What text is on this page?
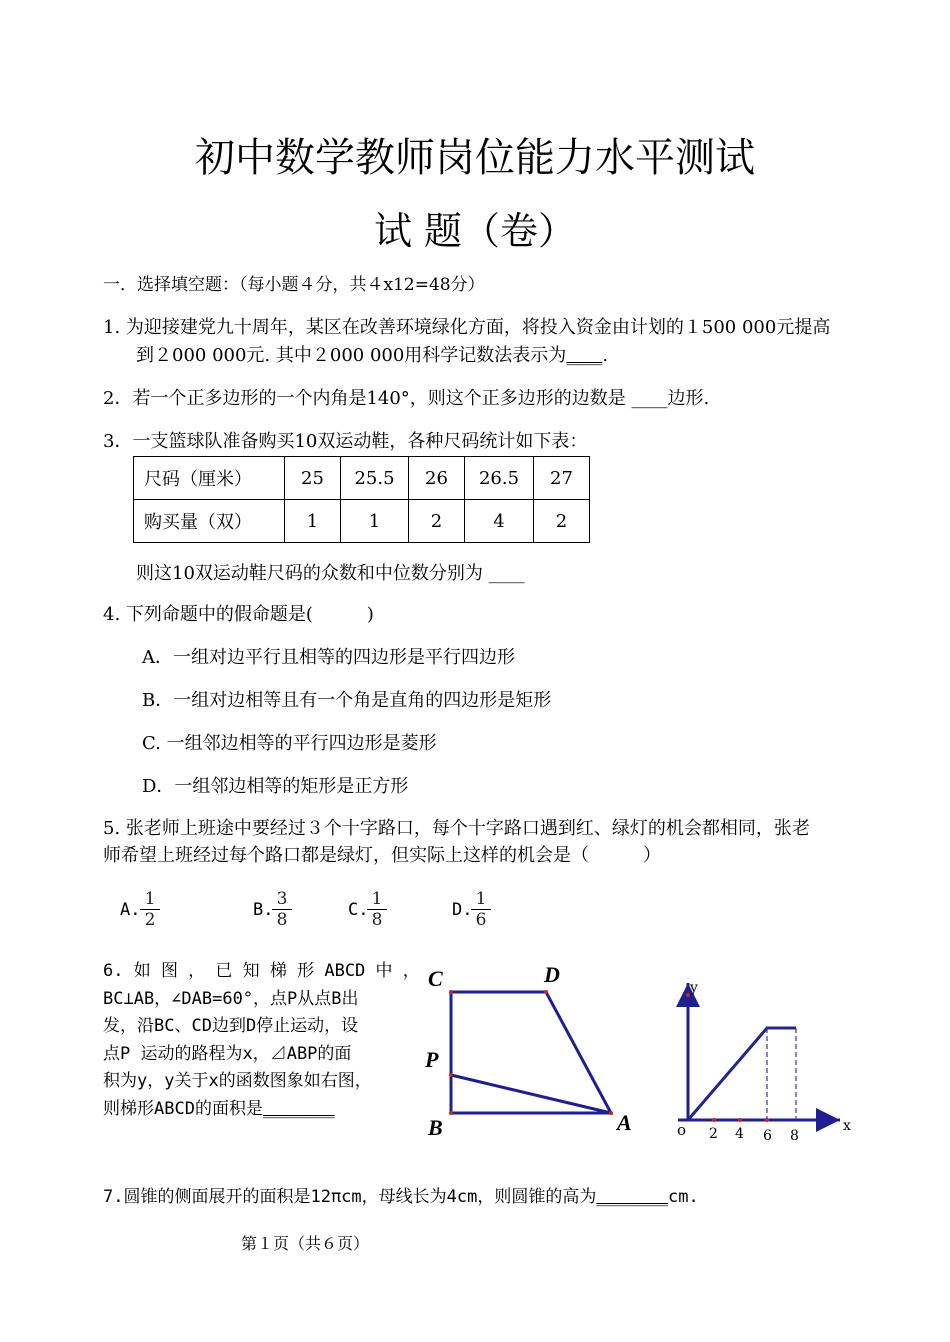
初中数学教师岗位能力水平测试
试 题（卷）
一．选择填空题：（每小题４分，共４x12=48分）
1. 为迎接建党九十周年，某区在改善环境绿化方面，将投入资金由计划的１500 000元提高
到２000 000元. 其中２000 000用科学记数法表示为____.
2．若一个正多边形的一个内角是140°，则这个正多边形的边数是 ____边形.
3．一支篮球队准备购买10双运动鞋，各种尺码统计如下表：
尺码（厘米）	25	25.5	26	26.5	27
购买量（双）	1	1	2	4	2
则这10双运动鞋尺码的众数和中位数分别为 ____
4. 下列命题中的假命题是(　　　)
A．一组对边平行且相等的四边形是平行四边形
B．一组对边相等且有一个角是直角的四边形是矩形
C. 一组邻边相等的平行四边形是菱形
D．一组邻边相等的矩形是正方形
5. 张老师上班途中要经过３个十字路口，每个十字路口遇到红、绿灯的机会都相同，张老
师希望上班经过每个路口都是绿灯，但实际上这样的机会是（　　　）
A. $\frac{1}{2}$	B.
$\frac{3}{8}$	C.
$\frac{1}{8}$	D.
$\frac{1}{6}$
6. 如 图 ， 已 知 梯 形 ABCD 中 ，
BC⊥AB，∠DAB=60°，点P从点B出
发，沿BC、CD边到D停止运动，设
点P 运动的路程为x，⊿ABP的面
积为y，y关于x的函数图象如右图，
则梯形ABCD的面积是_______
C	D
P
B	A
y
x
o 2 4 6 8
7.圆锥的侧面展开的面积是12πcm，母线长为4cm，则圆锥的高为_______cm.
第１页（共６页）
